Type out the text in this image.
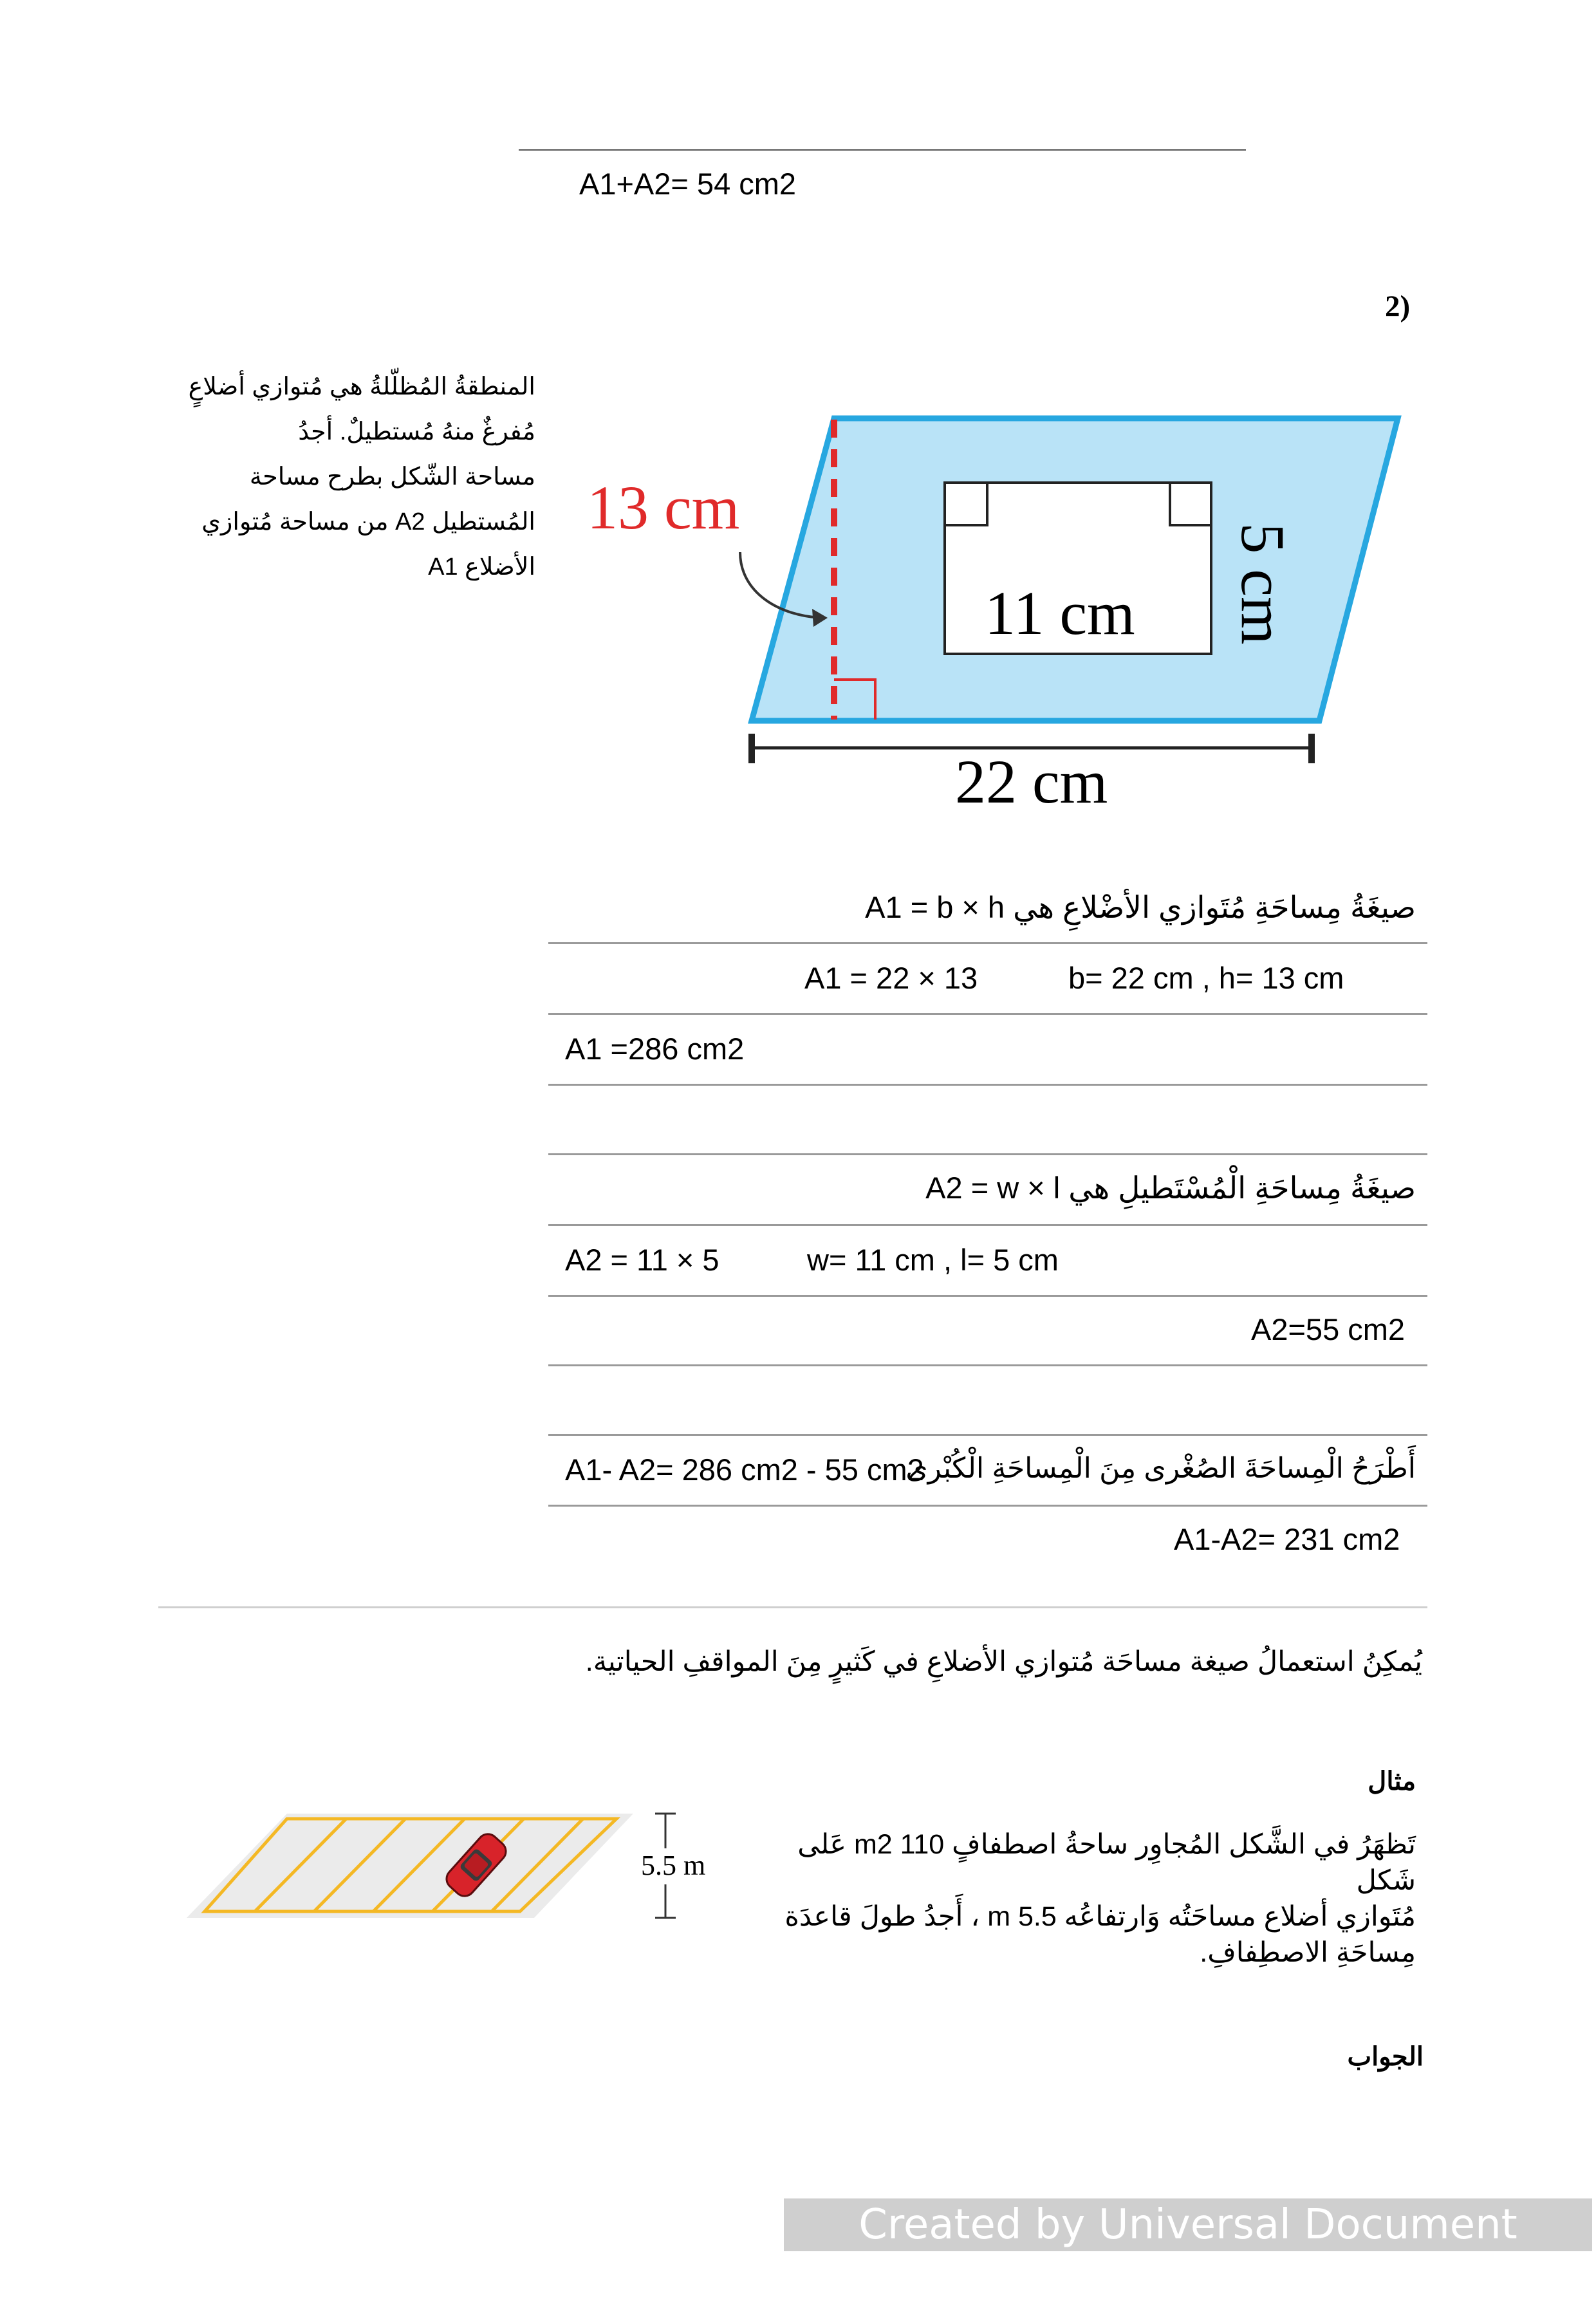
A1+A2= 54 cm2
2)
المنطقةُ المُظلّلةُ هي مُتوازي أضلاعٍ
مُفرغٌ منهُ مُستطيلٌ. أجدُ
مساحة الشّكل بطرح مساحة
المُستطيل A2 من مساحة مُتوازي
الأضلاع A1
13 cm
11 cm 5 cm
22 cm
صيغَةُ مِساحَةِ مُتَوازي الأضْلاعِ هي A1 = b × h
A1 = 22 × 13	b= 22 cm , h= 13 cm
A1 =286 cm2
صيغَةُ مِساحَةِ الْمُسْتَطيلِ هي A2 = w × l
A2 = 11 × 5	w= 11 cm , l= 5 cm
A2=55 cm2
A1- A2= 286 cm2 - 55 cm2
أَطْرَحُ الْمِساحَةَ الصُغْرى مِنَ الْمِساحَةِ الْكُبْرى
A1-A2= 231 cm2
يُمكِنُ استعمالُ صيغة مساحَة مُتوازي الأضلاعِ في كَثيرٍ مِنَ المواقفِ الحياتية.
مثال
تَظهَرُ في الشَّكل المُجاوِر ساحةُ اصطفافٍ m2 110 عَلى شَكل
مُتَوازي أضلاع مساحَتُه وَارتفاعُه m 5.5 ، أَجدُ طولَ قاعدَة
مِساحَةِ الاصطِفافِ.
5.5 m
الجواب
Created by Universal Document Converter
